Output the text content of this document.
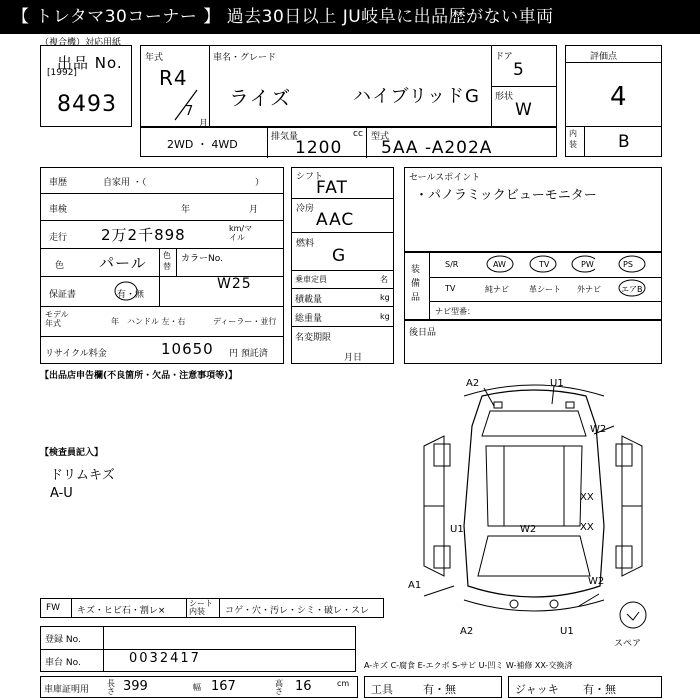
【 トレタマ30コーナー 】 過去30日以上 JU岐阜に出品歴がない車両
（複合機）対応用紙
出品 No.
[1992]
8493
年式
R4
7
月
車名・グレード
ライズ	ハイブリッドG
ドア
5
形状
W
評価点
4
内装 B
2WD ・ 4WD
排気量
1200
cc 型式
5AA -A202A
車歴	自家用 ・（	）
車検	年	月
走行 2万2千898	km/マイル
色 パール 色替
カラーNo.
W25
保証書	有・無
モデル年式	年 ハンドル 左・右	ディーラー・並行
リサイクル料金	10650 円 預託済
シフト
FAT
冷房
AAC
燃料
G
乗車定員	名
積載量	kg
総重量	kg
名変期限
月日
セールスポイント
・パノラミックビューモニター
装備品
S/R	AW	TV	PW	PS
TV	純ナビ	革シート 外ナビ	エアB
ナビ型番：
後日品
【出品店申告欄(不良箇所・欠品・注意事項等)】
【検査員記入】
ドリムキズ
A-U
A2	U1
W2
XX
XX
U1	W2
W2
A1
A2	U1
スペア
FW キズ・ヒビ石・割レ×
シート内装	コゲ・穴・汚レ・シミ・破レ・スレ
登録 No.
車台 No.	0032417
車庫証明用
長さ 399	幅 167	高さ 16	cm
A-キズ C-腐食 E-エクボ S-サビ U-凹ミ W-補修 XX-交換済
工具	有・無	ジャッキ 有・無
